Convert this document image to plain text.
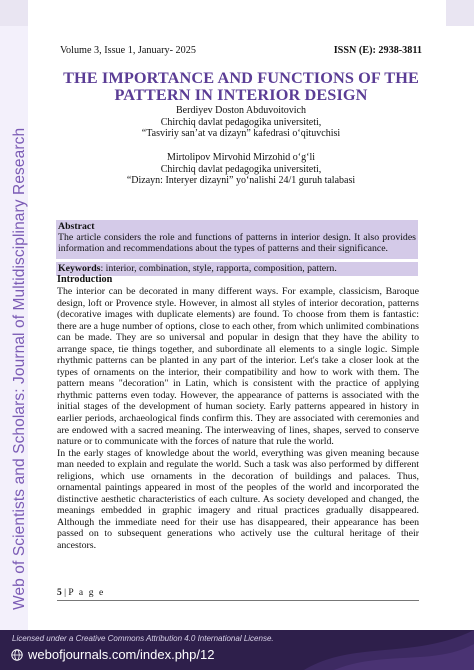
Web of Scientists and Scholars: Journal of Multidisciplinary Research
Volume 3, Issue 1, January- 2025	ISSN (E): 2938-3811
THE IMPORTANCE AND FUNCTIONS OF THE
PATTERN IN INTERIOR DESIGN
Berdiyev Doston Abduvoitovich
Chirchiq davlat pedagogika universiteti,
“Tasviriy san’at va dizayn” kafedrasi o‘qituvchisi
Mirtolipov Mirvohid Mirzohid o‘g‘li
Chirchiq davlat pedagogika universiteti,
“Dizayn: Interyer dizayni” yo‘nalishi 24/1 guruh talabasi
Abstract
The article considers the role and functions of patterns in interior design. It also provides information and recommendations about the types of patterns and their significance.
Keywords: interior, combination, style, rapporta, composition, pattern.
Introduction

The interior can be decorated in many different ways. For example, classicism, Baroque design, loft or Provence style. However, in almost all styles of interior decoration, patterns (decorative images with duplicate elements) are found. To choose from them is fantastic: there are a huge number of options, close to each other, from which unlimited combinations can be made. They are so universal and popular in design that they have the ability to arrange space, tie things together, and subordinate all elements to a single logic. Simple rhythmic patterns can be planted in any part of the interior. Let's take a closer look at the types of ornaments on the interior, their compatibility and how to work with them. The pattern means "decoration" in Latin, which is consistent with the practice of applying rhythmic patterns even today. However, the appearance of patterns is associated with the initial stages of the development of human society. Early patterns appeared in history in earlier periods, archaeological finds confirm this. They are associated with ceremonies and are endowed with a sacred meaning. The interweaving of lines, shapes, served to conserve nature or to communicate with the forces of nature that rule the world.

In the early stages of knowledge about the world, everything was given meaning because man needed to explain and regulate the world. Such a task was also performed by different religions, which use ornaments in the decoration of buildings and palaces. Thus, ornamental paintings appeared in most of the peoples of the world and incorporated the distinctive aesthetic characteristics of each culture. As society developed and changed, the meanings embedded in graphic imagery and ritual practices gradually disappeared. Although the immediate need for their use has disappeared, their appearance has been passed on to subsequent generations who actively use the cultural heritage of their ancestors.

5 | P a g e
Licensed under a Creative Commons Attribution 4.0 International License.
webofjournals.com/index.php/12
